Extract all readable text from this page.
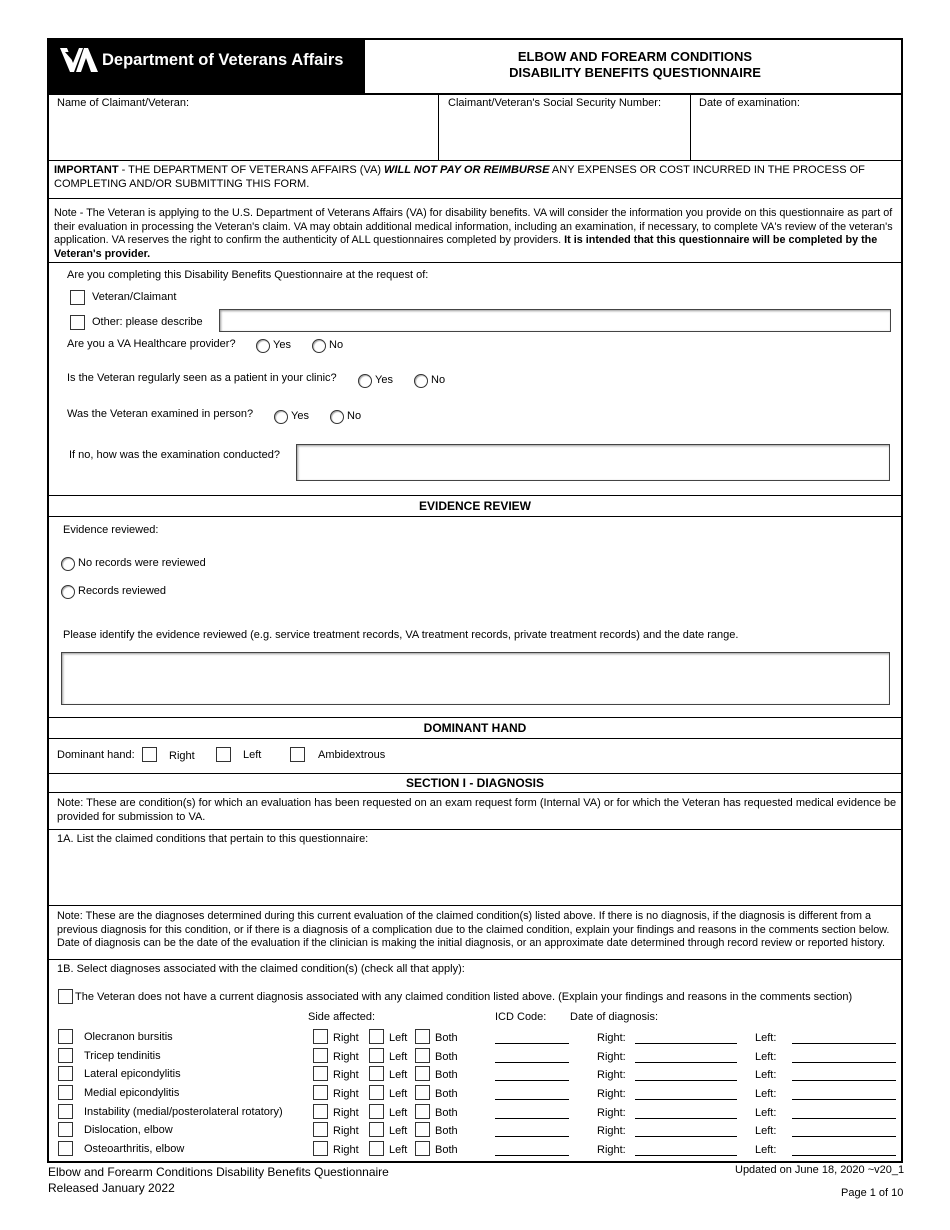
Department of Veterans Affairs	ELBOW AND FOREARM CONDITIONS
DISABILITY BENEFITS QUESTIONNAIRE
Name of Claimant/Veteran:	Claimant/Veteran's Social Security Number:	Date of examination:
IMPORTANT - THE DEPARTMENT OF VETERANS AFFAIRS (VA) WILL NOT PAY OR REIMBURSE ANY EXPENSES OR COST INCURRED IN THE PROCESS OF COMPLETING AND/OR SUBMITTING THIS FORM.
Note - The Veteran is applying to the U.S. Department of Veterans Affairs (VA) for disability benefits. VA will consider the information you provide on this questionnaire as part of their evaluation in processing the Veteran's claim. VA may obtain additional medical information, including an examination, if necessary, to complete VA's review of the veteran's application. VA reserves the right to confirm the authenticity of ALL questionnaires completed by providers. It is intended that this questionnaire will be completed by the Veteran's provider.
Are you completing this Disability Benefits Questionnaire at the request of:
Veteran/Claimant
Other: please describe
Are you a VA Healthcare provider?	Yes	No
Is the Veteran regularly seen as a patient in your clinic?	Yes	No
Was the Veteran examined in person?	Yes	No
If no, how was the examination conducted?
EVIDENCE REVIEW
Evidence reviewed:
No records were reviewed
Records reviewed
Please identify the evidence reviewed (e.g. service treatment records, VA treatment records, private treatment records) and the date range.
DOMINANT HAND
Dominant hand:	Right	Left	Ambidextrous
SECTION I - DIAGNOSIS
Note: These are condition(s) for which an evaluation has been requested on an exam request form (Internal VA) or for which the Veteran has requested medical evidence be provided for submission to VA.
1A. List the claimed conditions that pertain to this questionnaire:
Note: These are the diagnoses determined during this current evaluation of the claimed condition(s) listed above. If there is no diagnosis, if the diagnosis is different from a previous diagnosis for this condition, or if there is a diagnosis of a complication due to the claimed condition, explain your findings and reasons in the comments section below. Date of diagnosis can be the date of the evaluation if the clinician is making the initial diagnosis, or an approximate date determined through record review or reported history.
1B. Select diagnoses associated with the claimed condition(s) (check all that apply):
The Veteran does not have a current diagnosis associated with any claimed condition listed above. (Explain your findings and reasons in the comments section)
Side affected:	ICD Code: Date of diagnosis:
Olecranon bursitis	Right	Left	Both	Right:	Left:
Tricep tendinitis	Right	Left	Both	Right:	Left:
Lateral epicondylitis	Right	Left	Both	Right:	Left:
Medial epicondylitis	Right	Left	Both	Right:	Left:
Instability (medial/posterolateral rotatory)	Right	Left	Both	Right:	Left:
Dislocation, elbow	Right	Left	Both	Right:	Left:
Osteoarthritis, elbow	Right	Left	Both	Right:	Left:
Elbow and Forearm Conditions Disability Benefits Questionnaire
Released January 2022
Updated on June 18, 2020 ~v20_1
Page 1 of 10
